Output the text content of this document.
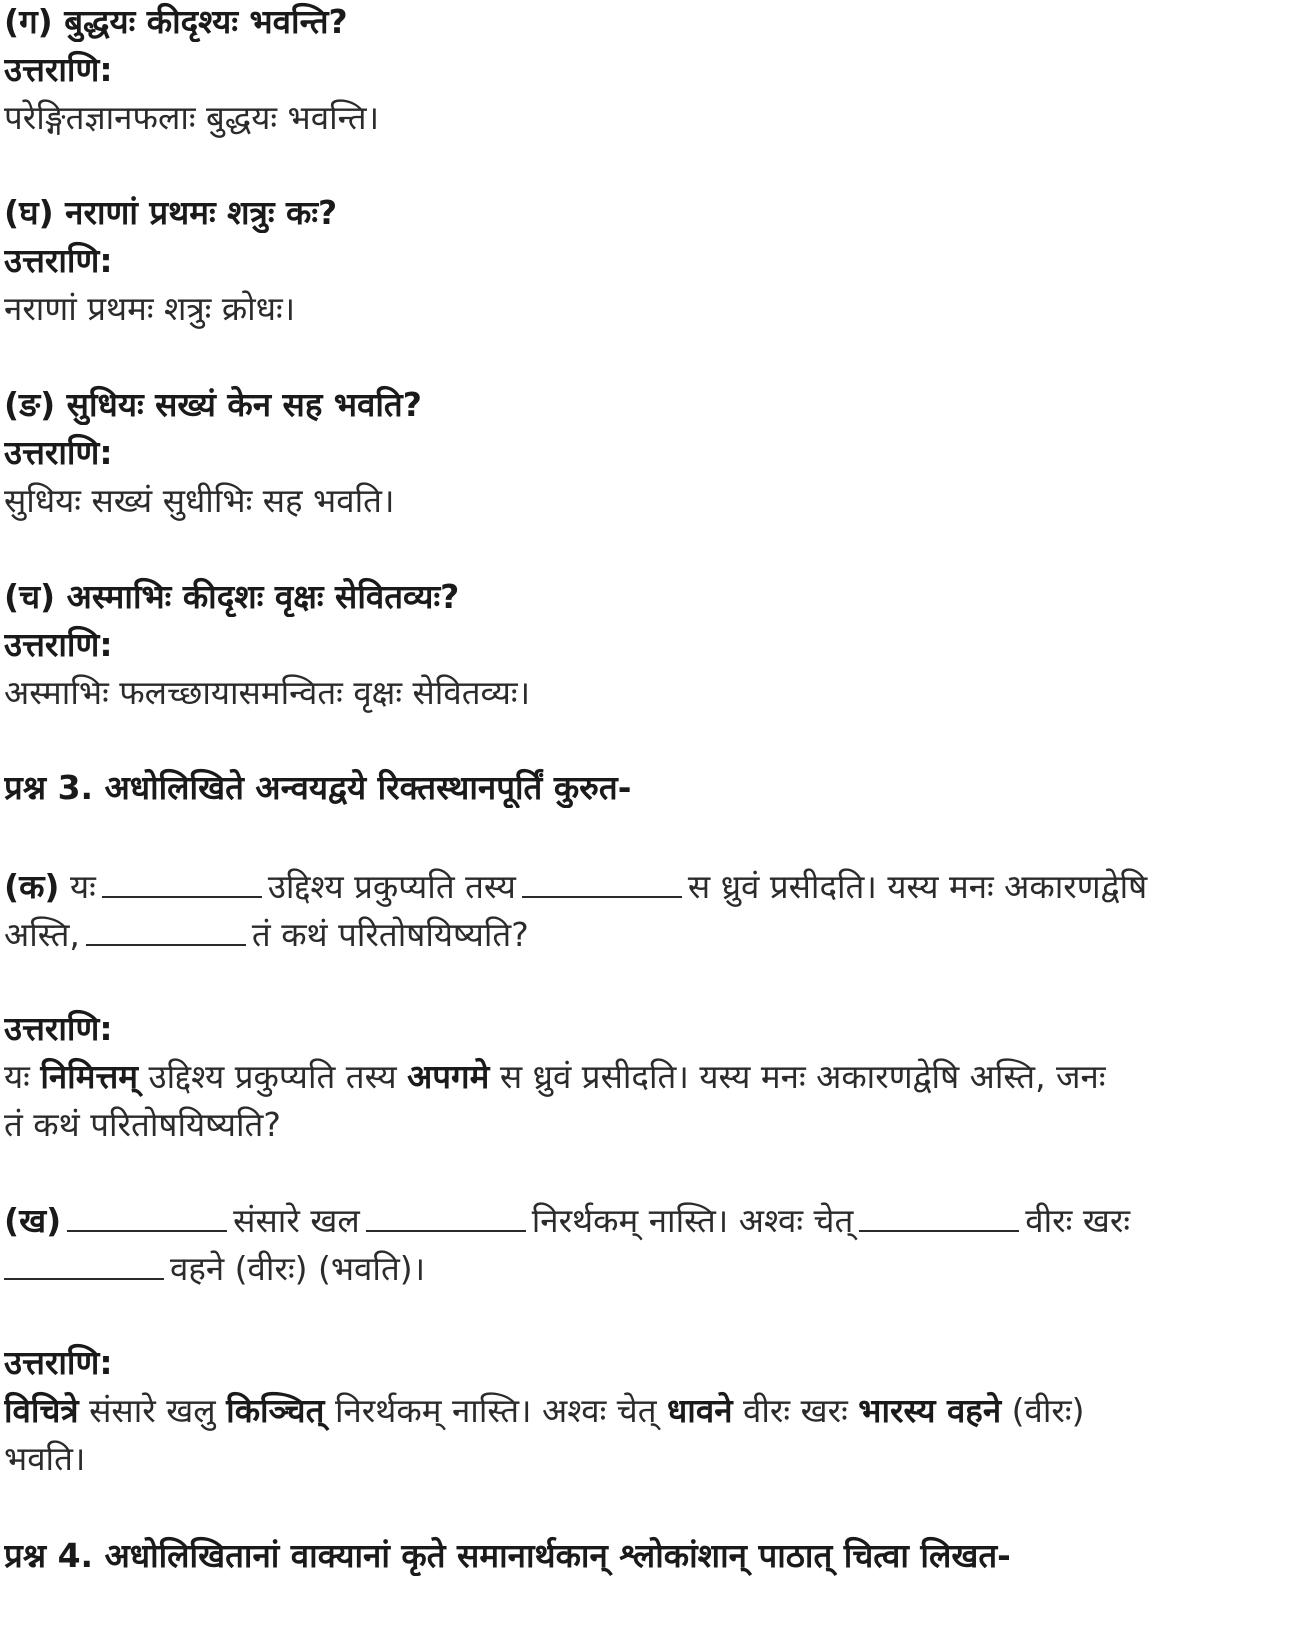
(ग) बुद्धयः कीदृश्यः भवन्ति?
उत्तराणि:
परेङ्गितज्ञानफलाः बुद्धयः भवन्ति।
(घ) नराणां प्रथमः शत्रुः कः?
उत्तराणि:
नराणां प्रथमः शत्रुः क्रोधः।
(ङ) सुधियः सख्यं केन सह भवति?
उत्तराणि:
सुधियः सख्यं सुधीभिः सह भवति।
(च) अस्माभिः कीदृशः वृक्षः सेवितव्यः?
उत्तराणि:
अस्माभिः फलच्छायासमन्वितः वृक्षः सेवितव्यः।
प्रश्न 3. अधोलिखिते अन्वयद्वये रिक्तस्थानपूर्तिं कुरुत-
(क) यः	उद्दिश्य प्रकुप्यति तस्य	स ध्रुवं प्रसीदति। यस्य मनः अकारणद्वेषि
अस्ति,	तं कथं परितोषयिष्यति?
उत्तराणि:
यः निमित्तम् उद्दिश्य प्रकुप्यति तस्य अपगमे स ध्रुवं प्रसीदति। यस्य मनः अकारणद्वेषि अस्ति, जनः
तं कथं परितोषयिष्यति?
(ख)	संसारे खल	निरर्थकम् नास्ति। अश्वः चेत्	वीरः खरः
वहने (वीरः) (भवति)।
उत्तराणि:
विचित्रे संसारे खलु किञ्चित् निरर्थकम् नास्ति। अश्वः चेत् धावने वीरः खरः भारस्य वहने (वीरः)
भवति।
प्रश्न 4. अधोलिखितानां वाक्यानां कृते समानार्थकान् श्लोकांशान् पाठात् चित्वा लिखत-
